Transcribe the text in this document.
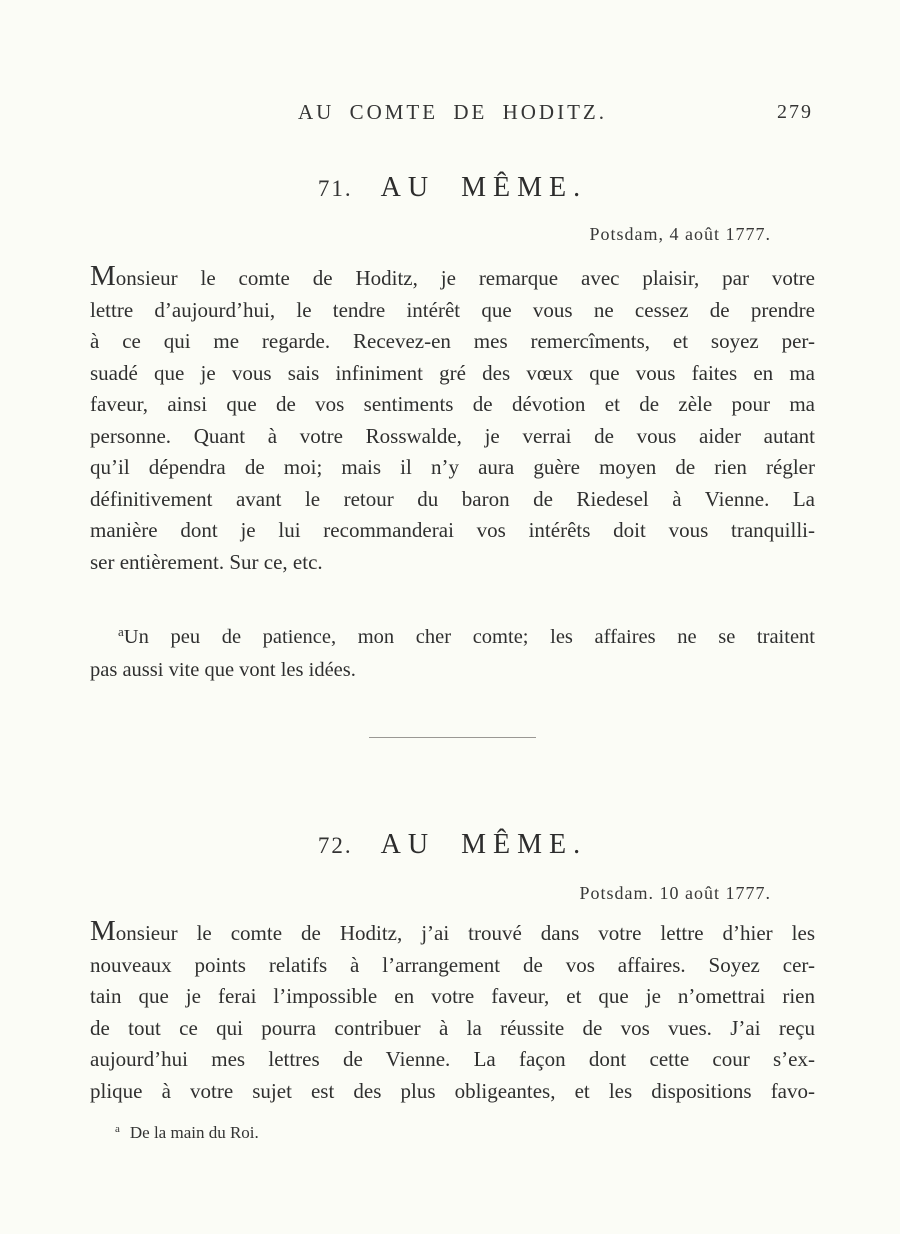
AU COMTE DE HODITZ.	279
71. AU MÊME.
Potsdam, 4 août 1777.
Monsieur le comte de Hoditz, je remarque avec plaisir, par votre
lettre d’aujourd’hui, le tendre intérêt que vous ne cessez de prendre
à ce qui me regarde. Recevez-en mes remercîments, et soyez per-
suadé que je vous sais infiniment gré des vœux que vous faites en ma
faveur, ainsi que de vos sentiments de dévotion et de zèle pour ma
personne. Quant à votre Rosswalde, je verrai de vous aider autant
qu’il dépendra de moi; mais il n’y aura guère moyen de rien régler
définitivement avant le retour du baron de Riedesel à Vienne. La
manière dont je lui recommanderai vos intérêts doit vous tranquilli-
ser entièrement. Sur ce, etc.
$^a$Un peu de patience, mon cher comte; les affaires ne se traitent
pas aussi vite que vont les idées.
72. AU MÊME.
Potsdam. 10 août 1777.
Monsieur le comte de Hoditz, j’ai trouvé dans votre lettre d’hier les
nouveaux points relatifs à l’arrangement de vos affaires. Soyez cer-
tain que je ferai l’impossible en votre faveur, et que je n’omettrai rien
de tout ce qui pourra contribuer à la réussite de vos vues. J’ai reçu
aujourd’hui mes lettres de Vienne. La façon dont cette cour s’ex-
plique à votre sujet est des plus obligeantes, et les dispositions favo-
$^a$ De la main du Roi.
